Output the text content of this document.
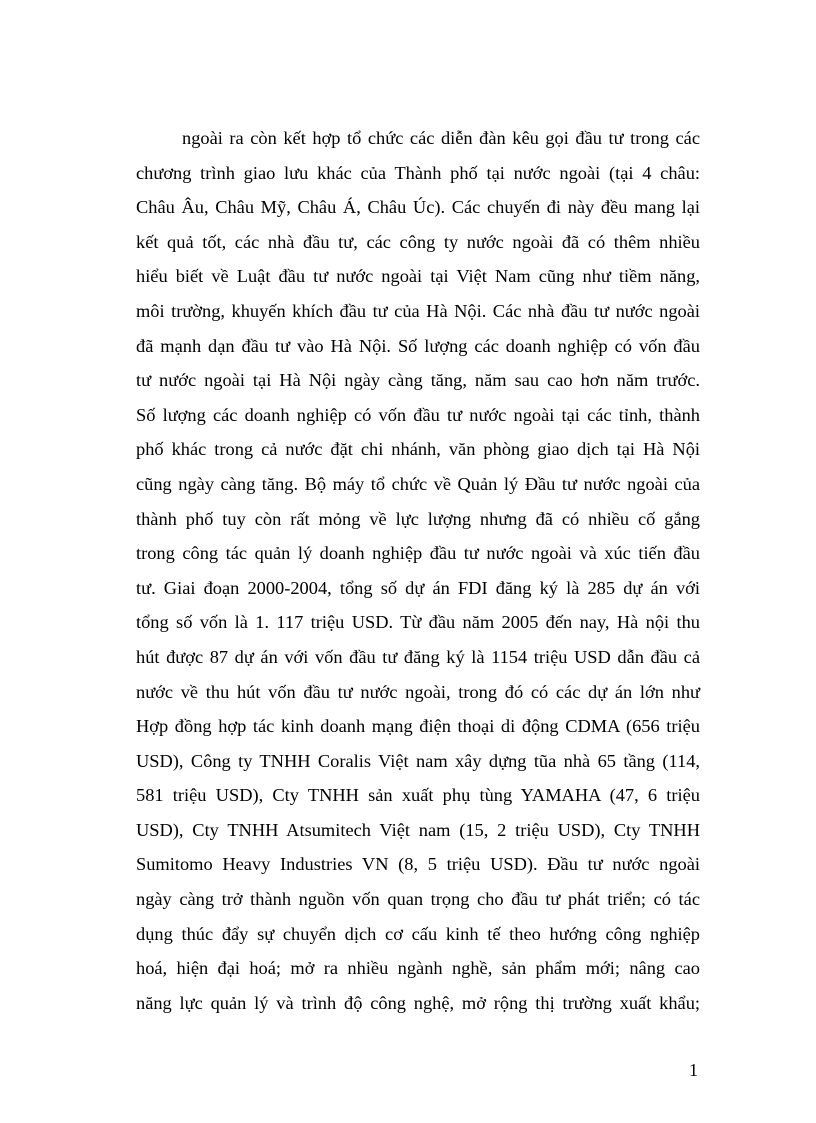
ngoài ra còn kết hợp tổ chức các diễn đàn kêu gọi đầu tư trong các
chương trình giao lưu khác của Thành phố tại nước ngoài (tại 4 châu:
Châu Âu, Châu Mỹ, Châu Á, Châu Úc). Các chuyến đi này đều mang lại
kết quả tốt, các nhà đầu tư, các công ty nước ngoài đã có thêm nhiều
hiểu biết về Luật đầu tư nước ngoài tại Việt Nam cũng như tiềm năng,
môi trường, khuyến khích đầu tư của Hà Nội. Các nhà đầu tư nước ngoài
đã mạnh dạn đầu tư vào Hà Nội. Số lượng các doanh nghiệp có vốn đầu
tư nước ngoài tại Hà Nội ngày càng tăng, năm sau cao hơn năm trước.
Số lượng các doanh nghiệp có vốn đầu tư nước ngoài tại các tỉnh, thành
phố khác trong cả nước đặt chi nhánh, văn phòng giao dịch tại Hà Nội
cũng ngày càng tăng. Bộ máy tổ chức về Quản lý Đầu tư nước ngoài của
thành phố tuy còn rất mỏng về lực lượng nhưng đã có nhiều cố gắng
trong công tác quản lý doanh nghiệp đầu tư nước ngoài và xúc tiến đầu
tư. Giai đoạn 2000-2004, tổng số dự án FDI đăng ký là 285 dự án với
tổng số vốn là 1. 117 triệu USD. Từ đầu năm 2005 đến nay, Hà nội thu
hút được 87 dự án với vốn đầu tư đăng ký là 1154 triệu USD dẫn đầu cả
nước về thu hút vốn đầu tư nước ngoài, trong đó có các dự án lớn như
Hợp đồng hợp tác kinh doanh mạng điện thoại di động CDMA (656 triệu
USD), Công ty TNHH Coralis Việt nam xây dựng tũa nhà 65 tầng (114,
581 triệu USD), Cty TNHH sản xuất phụ tùng YAMAHA (47, 6 triệu
USD), Cty TNHH Atsumitech Việt nam (15, 2 triệu USD), Cty TNHH
Sumitomo Heavy Industries VN (8, 5 triệu USD). Đầu tư nước ngoài
ngày càng trở thành nguồn vốn quan trọng cho đầu tư phát triển; có tác
dụng thúc đẩy sự chuyển dịch cơ cấu kinh tế theo hướng công nghiệp
hoá, hiện đại hoá; mở ra nhiều ngành nghề, sản phẩm mới; nâng cao
năng lực quản lý và trình độ công nghệ, mở rộng thị trường xuất khẩu;
1
